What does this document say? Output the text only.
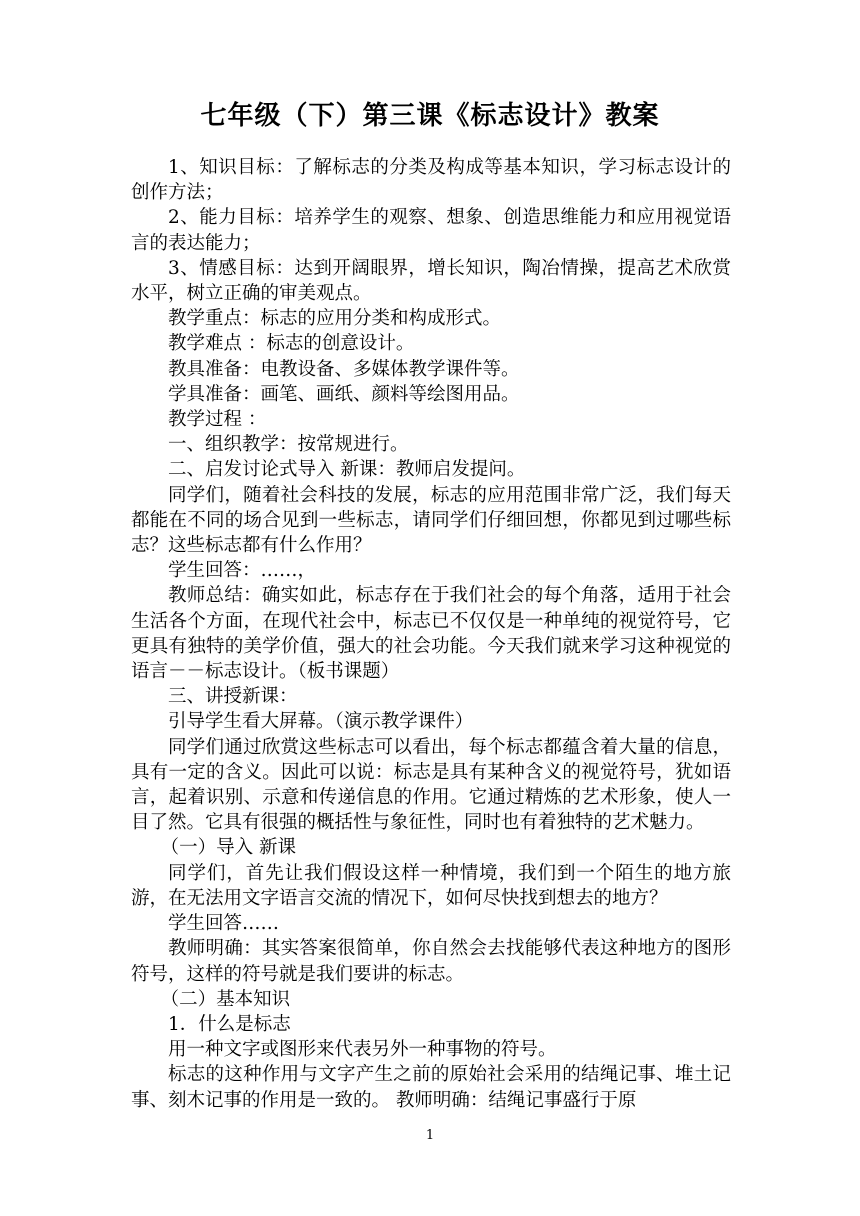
七年级（下）第三课《标志设计》教案

1、知识目标：了解标志的分类及构成等基本知识，学习标志设计的创作方法；

2、能力目标：培养学生的观察、想象、创造思维能力和应用视觉语言的表达能力；

3、情感目标：达到开阔眼界，增长知识，陶冶情操，提高艺术欣赏水平，树立正确的审美观点。

教学重点：标志的应用分类和构成形式。

教学难点 ：标志的创意设计。

教具准备：电教设备、多媒体教学课件等。

学具准备：画笔、画纸、颜料等绘图用品。

教学过程 ：

一、组织教学：按常规进行。

二、启发讨论式导入 新课：教师启发提问。

同学们，随着社会科技的发展，标志的应用范围非常广泛，我们每天都能在不同的场合见到一些标志，请同学们仔细回想，你都见到过哪些标志？这些标志都有什么作用？

学生回答：……，

教师总结：确实如此，标志存在于我们社会的每个角落，适用于社会生活各个方面，在现代社会中，标志已不仅仅是一种单纯的视觉符号，它更具有独特的美学价值，强大的社会功能。今天我们就来学习这种视觉的语言－－标志设计。（板书课题）

三、讲授新课：

引导学生看大屏幕。（演示教学课件）

同学们通过欣赏这些标志可以看出，每个标志都蕴含着大量的信息，具有一定的含义。因此可以说：标志是具有某种含义的视觉符号，犹如语言，起着识别、示意和传递信息的作用。它通过精炼的艺术形象，使人一目了然。它具有很强的概括性与象征性，同时也有着独特的艺术魅力。

（一）导入 新课

同学们，首先让我们假设这样一种情境，我们到一个陌生的地方旅游，在无法用文字语言交流的情况下，如何尽快找到想去的地方？

学生回答……

教师明确：其实答案很简单，你自然会去找能够代表这种地方的图形符号，这样的符号就是我们要讲的标志。

（二）基本知识

1．什么是标志

用一种文字或图形来代表另外一种事物的符号。

标志的这种作用与文字产生之前的原始社会采用的结绳记事、堆土记事、刻木记事的作用是一致的。 教师明确：结绳记事盛行于原

1
